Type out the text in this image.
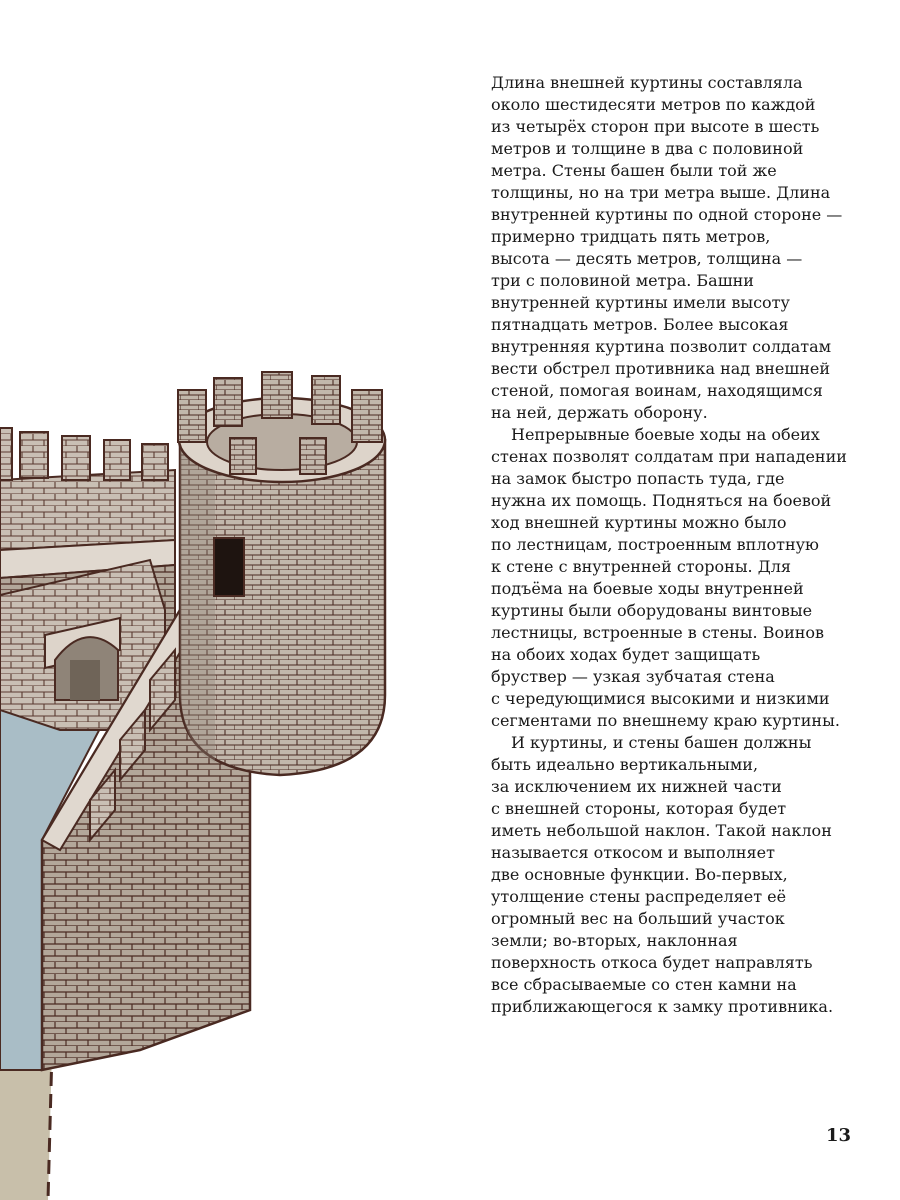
Длина внешней куртины составляла
около шестидесяти метров по каждой
из четырёх сторон при высоте в шесть
метров и толщине в два с половиной
метра. Стены башен были той же
толщины, но на три метра выше. Длина
внутренней куртины по одной стороне —
примерно тридцать пять метров,
высота — десять метров, толщина —
три с половиной метра. Башни
внутренней куртины имели высоту
пятнадцать метров. Более высокая
внутренняя куртина позволит солдатам
вести обстрел противника над внешней
стеной, помогая воинам, находящимся
на ней, держать оборону.

Непрерывные боевые ходы на обеих
стенах позволят солдатам при нападении
на замок быстро попасть туда, где
нужна их помощь. Подняться на боевой
ход внешней куртины можно было
по лестницам, построенным вплотную
к стене с внутренней стороны. Для
подъёма на боевые ходы внутренней
куртины были оборудованы винтовые
лестницы, встроенные в стены. Воинов
на обоих ходах будет защищать
бруствер — узкая зубчатая стена
с чередующимися высокими и низкими
сегментами по внешнему краю куртины.

И куртины, и стены башен должны
быть идеально вертикальными,
за исключением их нижней части
с внешней стороны, которая будет
иметь небольшой наклон. Такой наклон
называется откосом и выполняет
две основные функции. Во-первых,
утолщение стены распределяет её
огромный вес на больший участок
земли; во-вторых, наклонная
поверхность откоса будет направлять
все сбрасываемые со стен камни на
приближающегося к замку противника.

13
